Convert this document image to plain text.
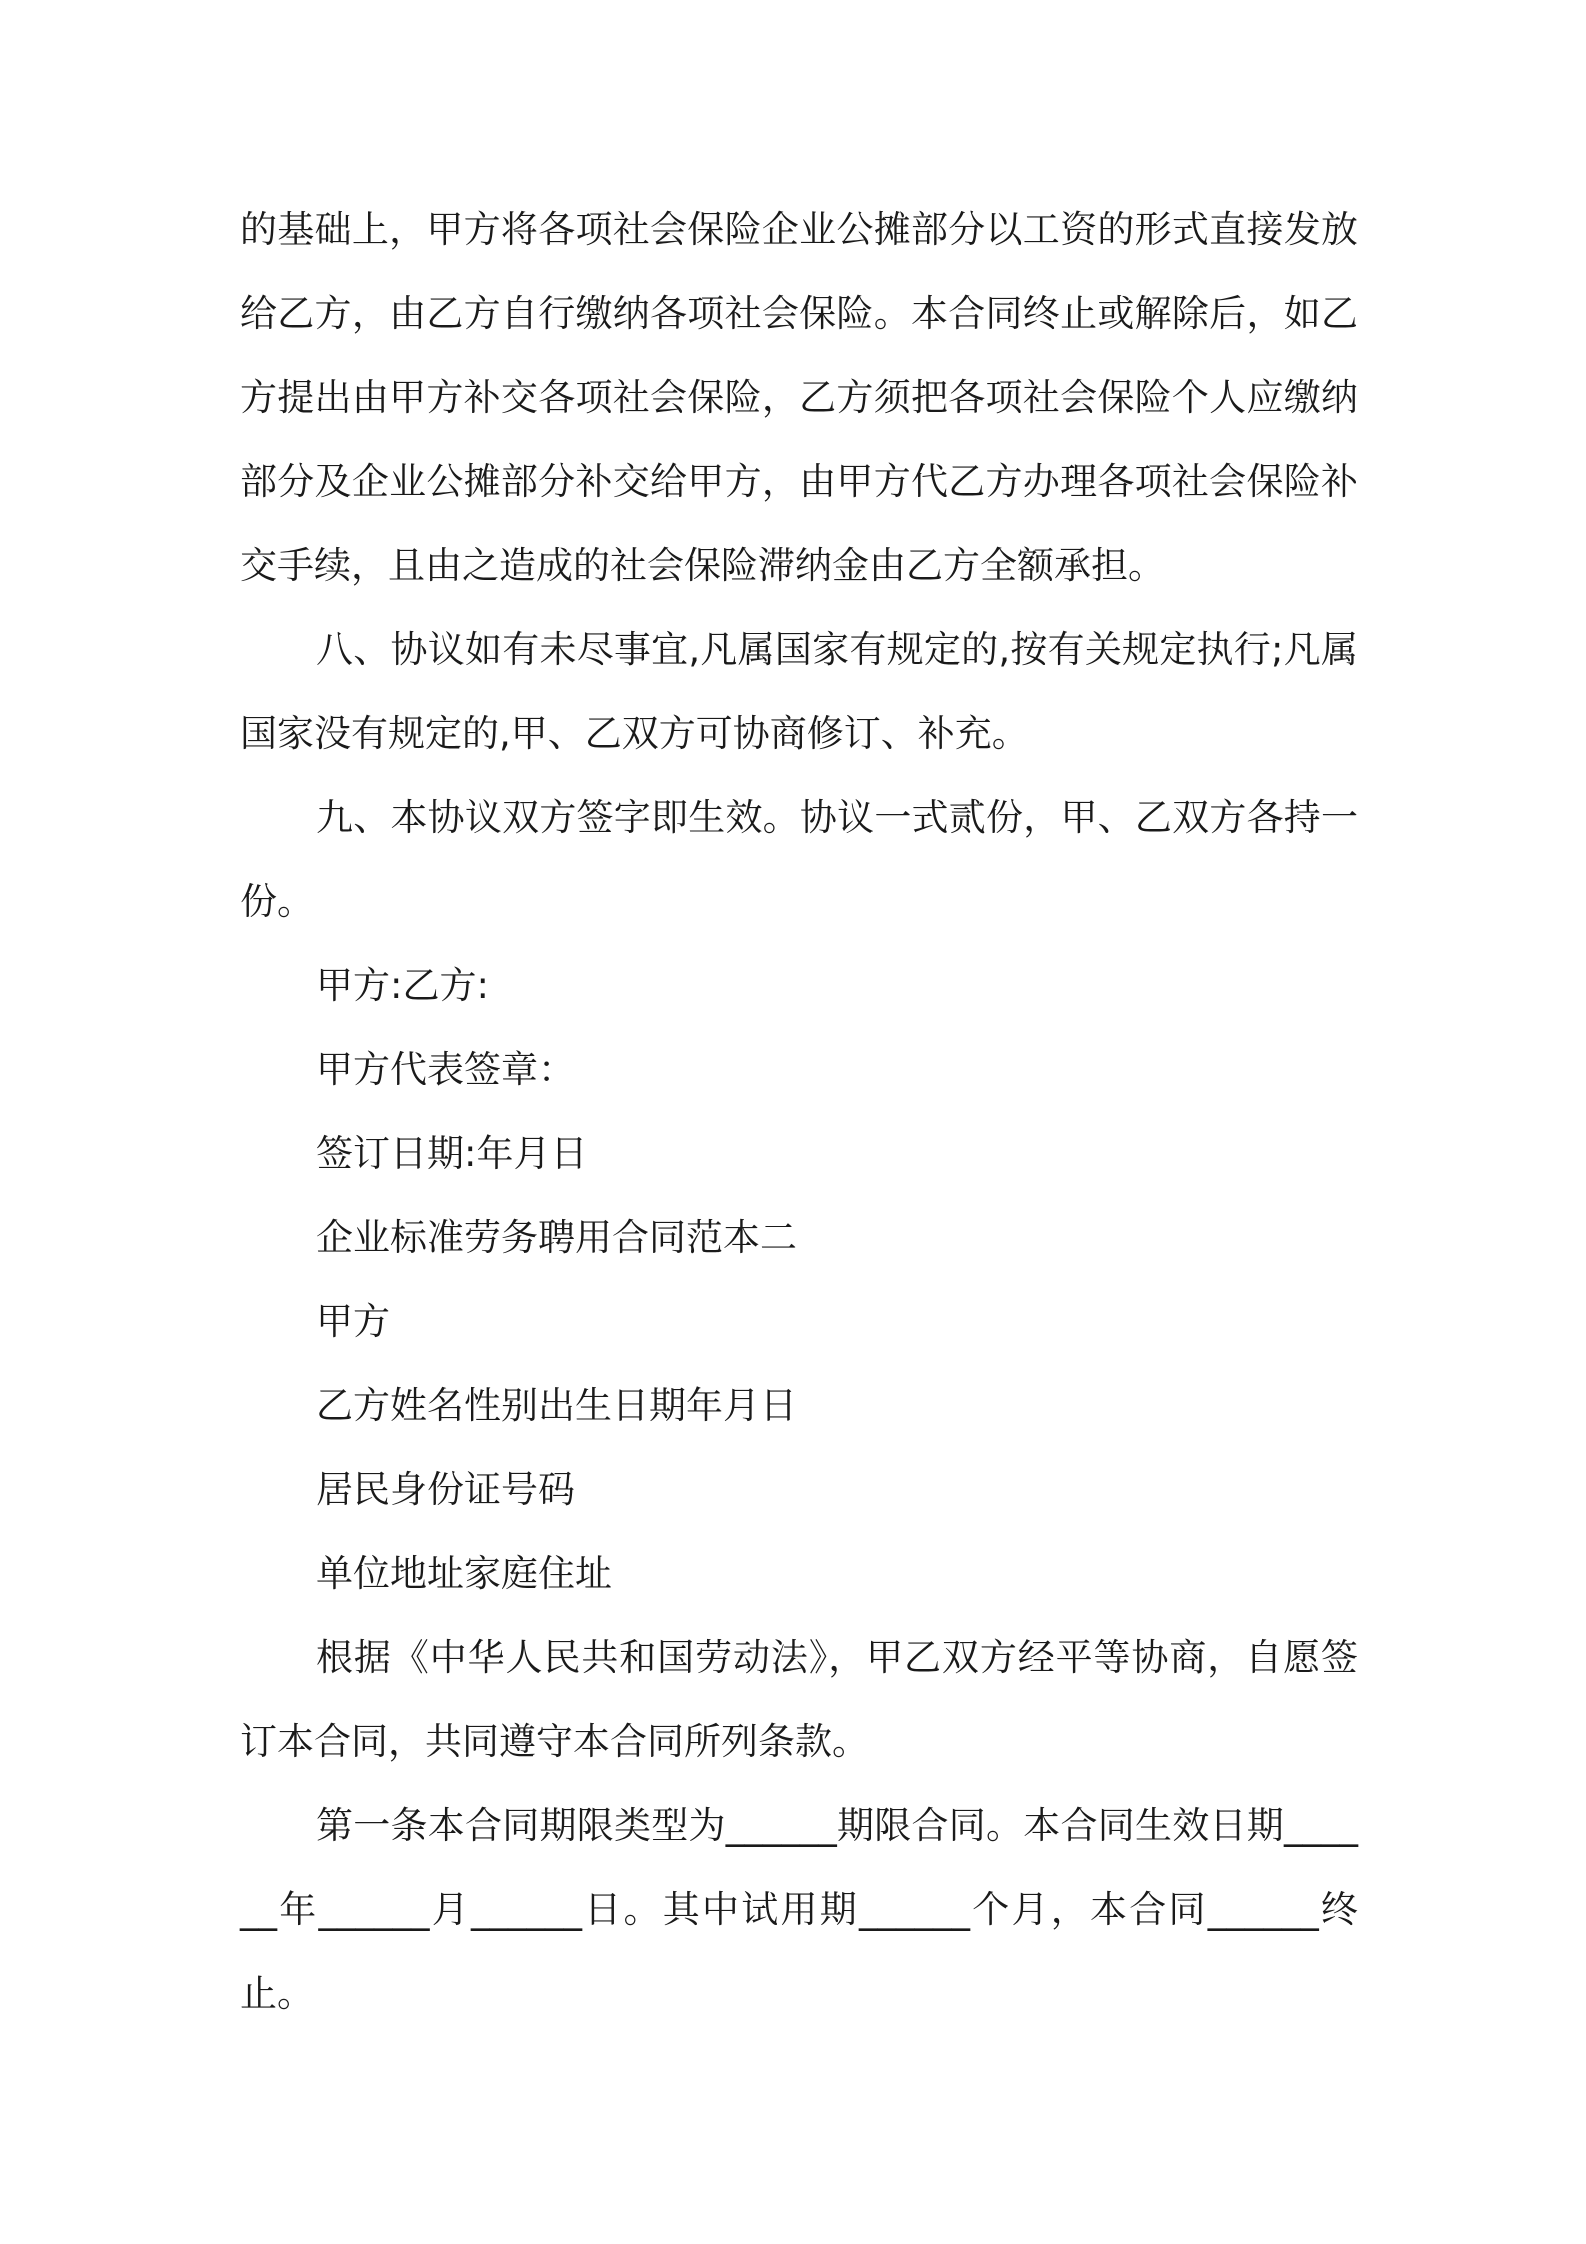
的基础上，甲方将各项社会保险企业公摊部分以工资的形式直接发放给乙方，由乙方自行缴纳各项社会保险。本合同终止或解除后，如乙方提出由甲方补交各项社会保险，乙方须把各项社会保险个人应缴纳部分及企业公摊部分补交给甲方，由甲方代乙方办理各项社会保险补交手续，且由之造成的社会保险滞纳金由乙方全额承担。

八、协议如有未尽事宜,凡属国家有规定的,按有关规定执行;凡属国家没有规定的,甲、乙双方可协商修订、补充。

九、本协议双方签字即生效。协议一式贰份，甲、乙双方各持一份。

甲方:乙方:

甲方代表签章：

签订日期:年月日

企业标准劳务聘用合同范本二

甲方

乙方姓名性别出生日期年月日

居民身份证号码

单位地址家庭住址

根据《中华人民共和国劳动法》，甲乙双方经平等协商，自愿签订本合同，共同遵守本合同所列条款。

第一条本合同期限类型为______期限合同。本合同生效日期______年______月______日。其中试用期______个月，本合同______终止。
